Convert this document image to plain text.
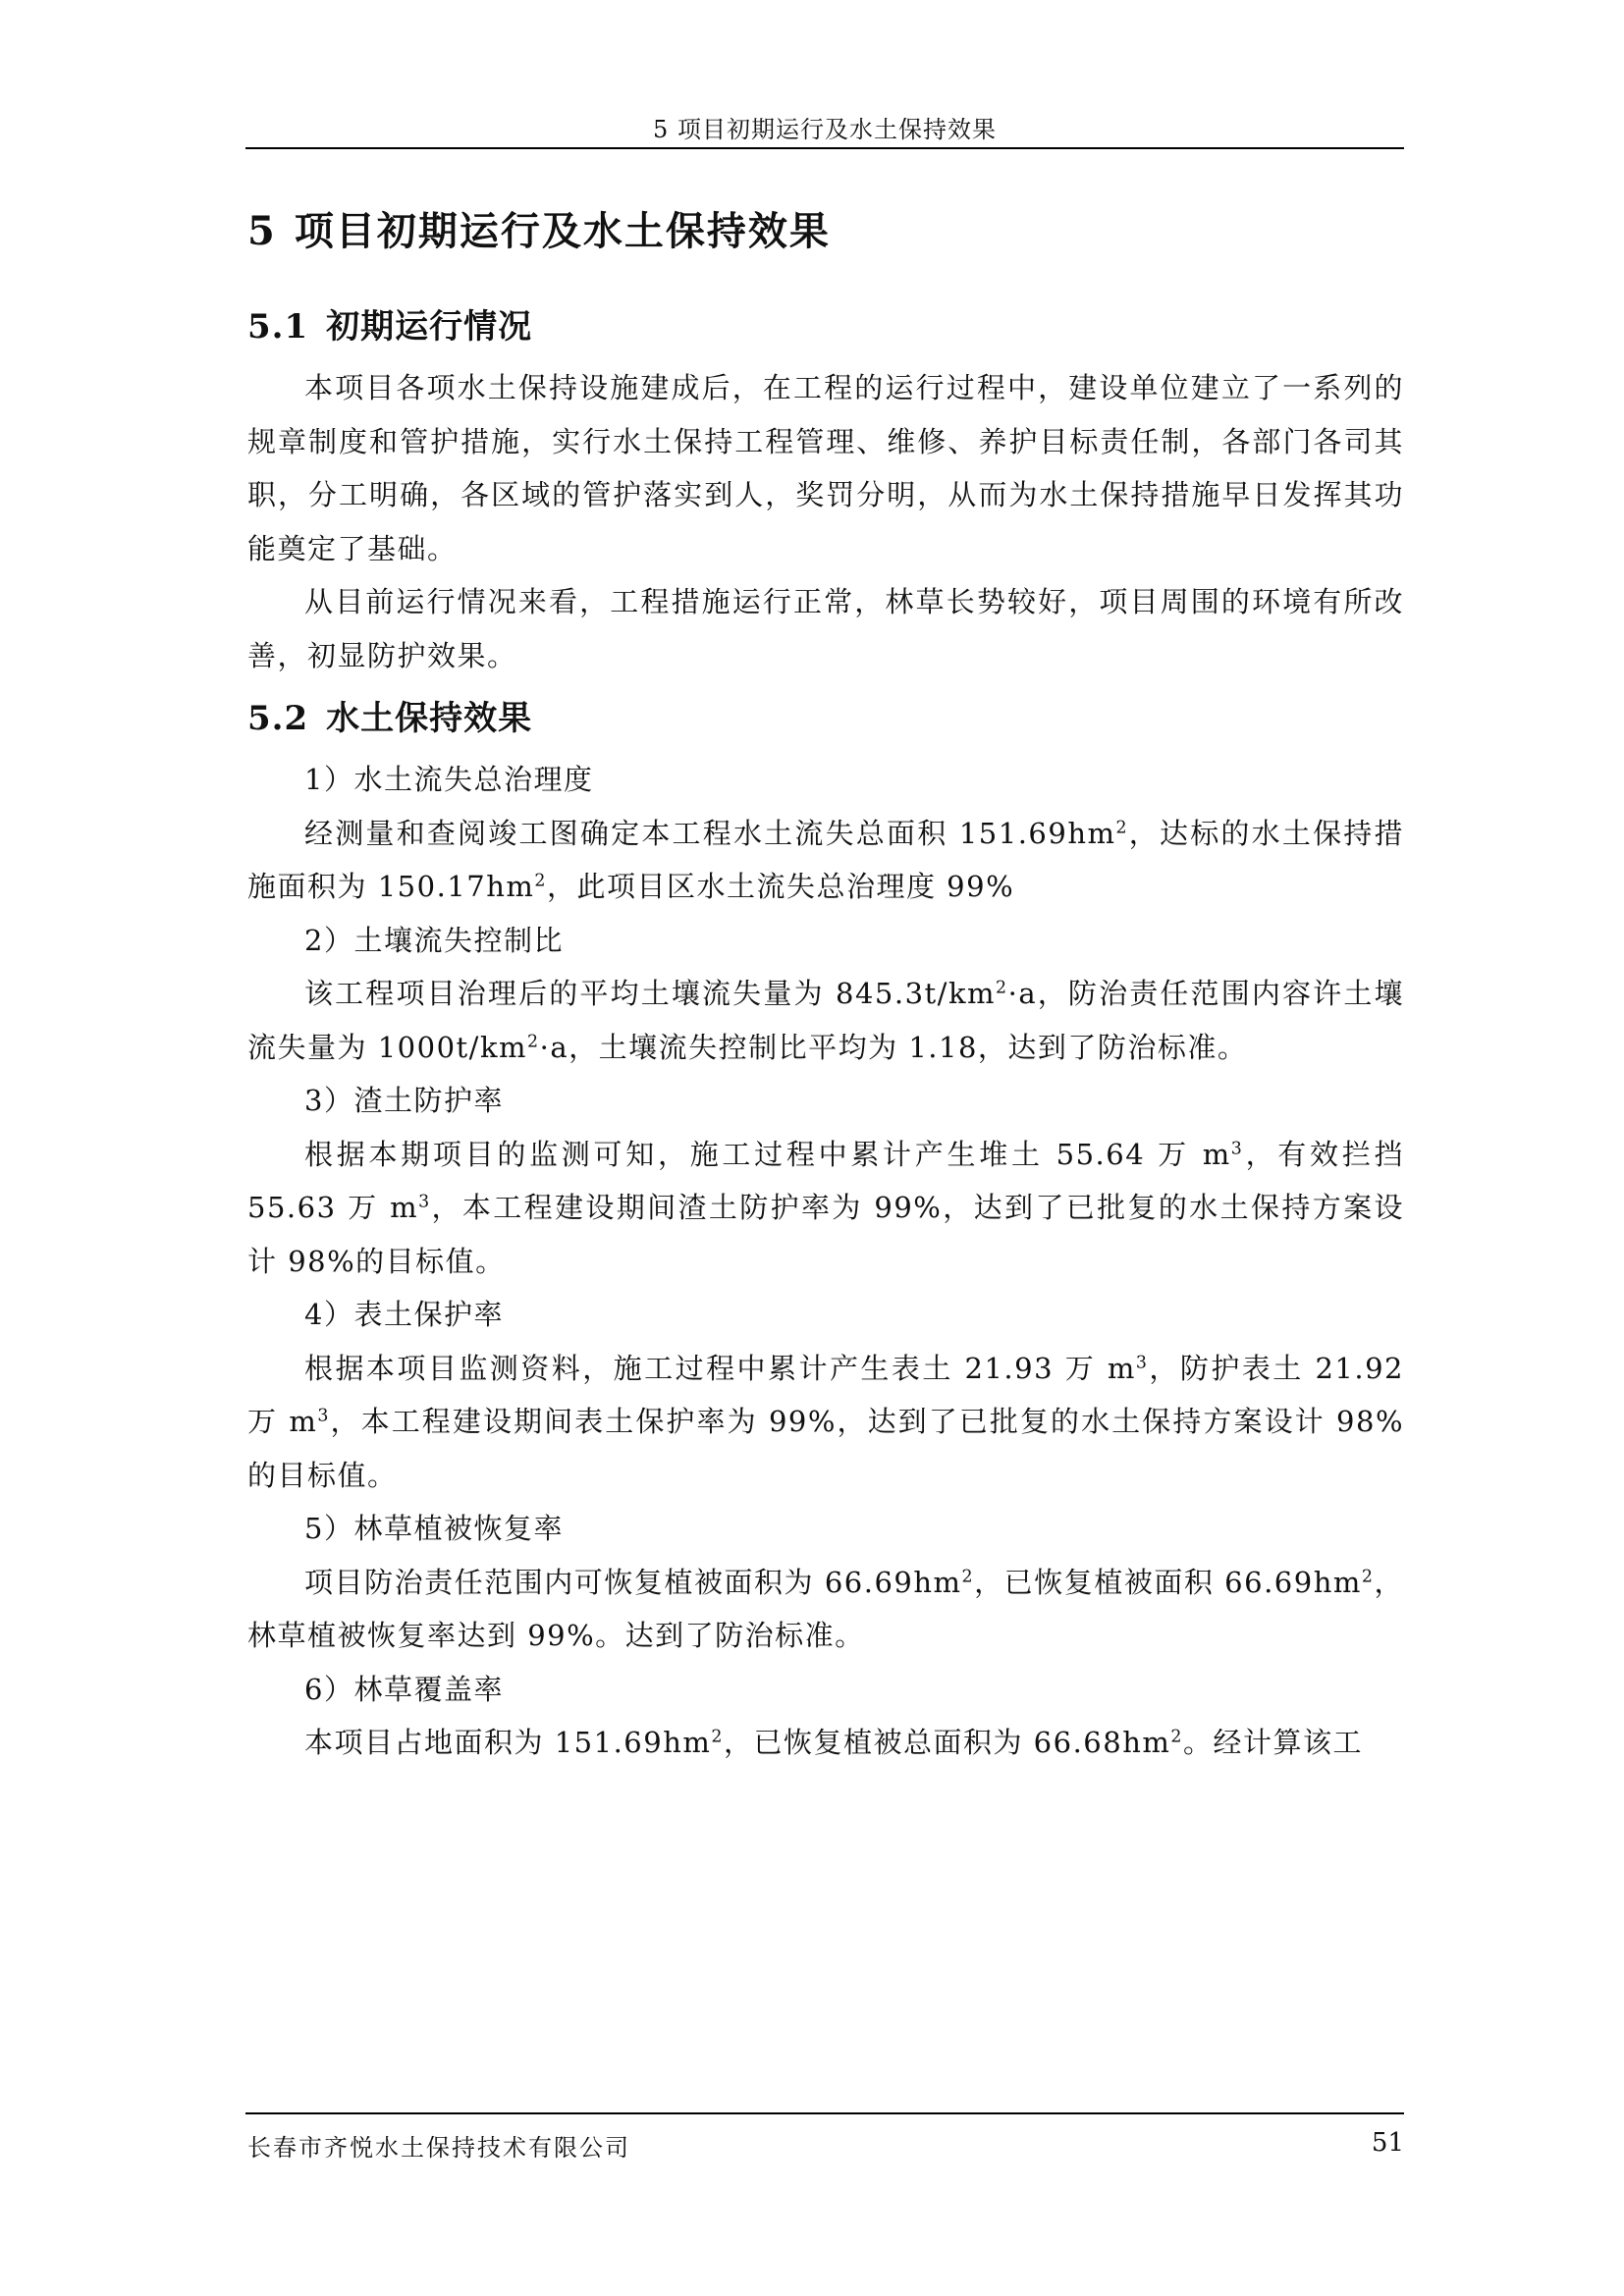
5 项目初期运行及水土保持效果
5 项目初期运行及水土保持效果
5.1 初期运行情况

本项目各项水土保持设施建成后，在工程的运行过程中，建设单位建立了一系列的规章制度和管护措施，实行水土保持工程管理、维修、养护目标责任制，各部门各司其职，分工明确，各区域的管护落实到人，奖罚分明，从而为水土保持措施早日发挥其功能奠定了基础。

从目前运行情况来看，工程措施运行正常，林草长势较好，项目周围的环境有所改善，初显防护效果。

5.2 水土保持效果

1）水土流失总治理度

经测量和查阅竣工图确定本工程水土流失总面积 $151.69hm^2$，达标的水土保持措施面积为 $150.17hm^2$，此项目区水土流失总治理度 99%

2）土壤流失控制比

该工程项目治理后的平均土壤流失量为 $845.3t/km^2\cdot a$，防治责任范围内容许土壤流失量为 $1000t/km^2\cdot a$，土壤流失控制比平均为 1.18，达到了防治标准。

3）渣土防护率

根据本期项目的监测可知，施工过程中累计产生堆土 55.64 万 $m^3$，有效拦挡 55.63 万 $m^3$，本工程建设期间渣土防护率为 99%，达到了已批复的水土保持方案设计 98%的目标值。

4）表土保护率

根据本项目监测资料，施工过程中累计产生表土 21.93 万 $m^3$，防护表土 21.92 万 $m^3$，本工程建设期间表土保护率为 99%，达到了已批复的水土保持方案设计 98%的目标值。

5）林草植被恢复率

项目防治责任范围内可恢复植被面积为 $66.69hm^2$，已恢复植被面积 $66.69hm^2$，林草植被恢复率达到 99%。达到了防治标准。

6）林草覆盖率

本项目占地面积为 $151.69hm^2$，已恢复植被总面积为 $66.68hm^2$。经计算该工

长春市齐悦水土保持技术有限公司	51
